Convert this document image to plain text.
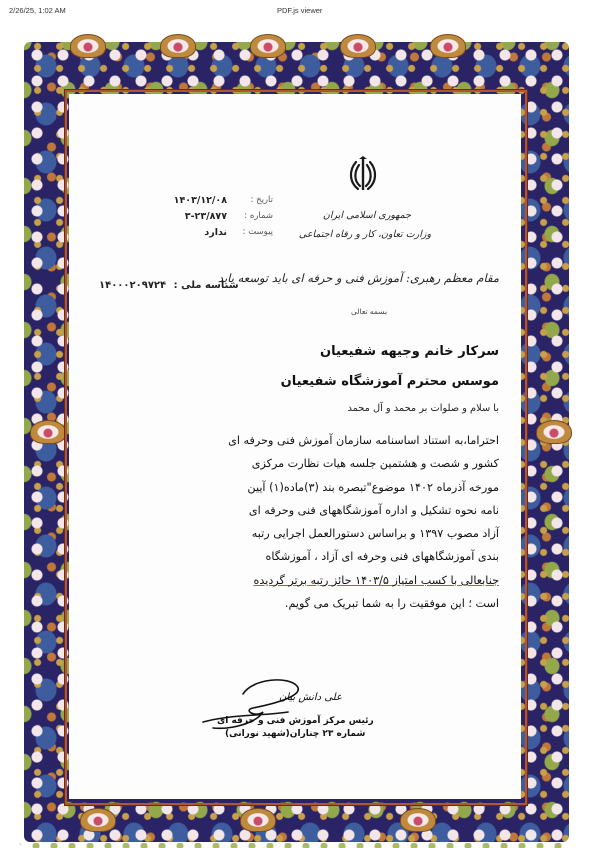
2/26/25, 1:02 AM	PDF.js viewer
جمهوری اسلامی ایران
وزارت تعاون، کار و رفاه اجتماعی
تاریخ :
۱۴۰۳/۱۲/۰۸
شماره :
۳-۲۳/۸۷۷
پیوست :
ندارد
مقام معظم رهبری: آموزش فنی و حرفه ای باید توسعه یابد
شناسه ملی : ۱۴۰۰۰۲۰۹۷۲۴
بسمه تعالی
سرکار خانم وجیهه شفیعیان
موسس محترم آموزشگاه شفیعیان
با سلام و صلوات بر محمد و آل محمد
احتراما،به استناد اساسنامه سازمان آموزش فنی وحرفه ای
کشور و شصت و هشتمین جلسه هیات نظارت مرکزی
مورخه آذرماه ۱۴۰۲ موضوع"تبصره بند (۳)ماده(۱) آیین
نامه نحوه تشکیل و اداره آموزشگاههای فنی وحرفه ای
آزاد مصوب ۱۳۹۷ و براساس دستورالعمل اجرایی رتبه
بندی آموزشگاههای فنی وحرفه ای آزاد ، آموزشگاه
جنابعالی با کسب امتیاز ۱۴۰۳/۵ حائز رتبه برتر گردیده
است ؛ این موفقیت را به شما تبریک می گویم.
علی دانش بیان
رئیس مرکز آموزش فنی و حرفه ای
شماره ۲۳ چناران(شهید نورانی)
